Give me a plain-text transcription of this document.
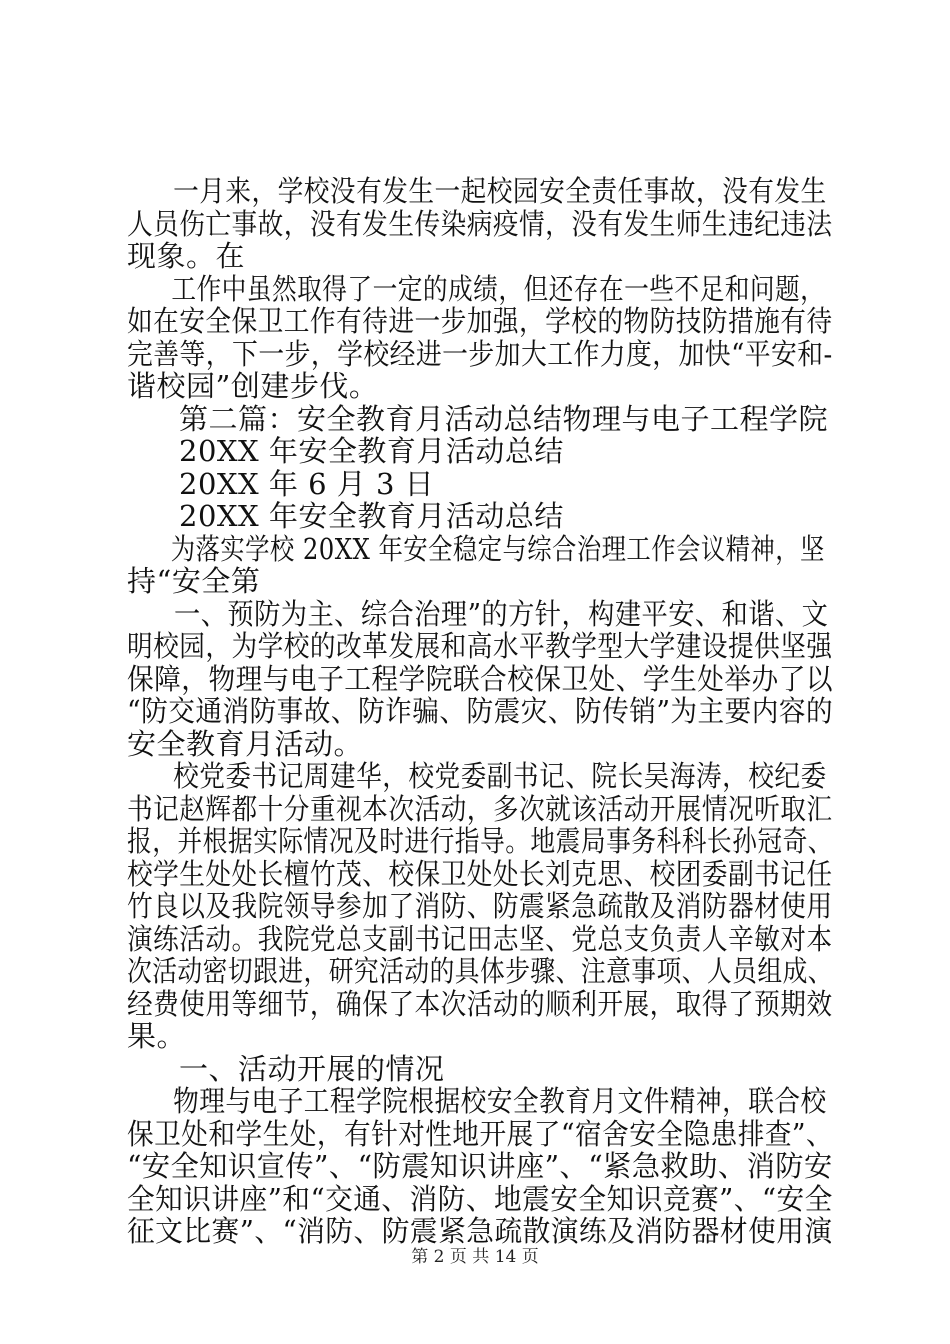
一月来，学校没有发生一起校园安全责任事故，没有发生
人员伤亡事故，没有发生传染病疫情，没有发生师生违纪违法
现象。在
工作中虽然取得了一定的成绩，但还存在一些不足和问题，
如在安全保卫工作有待进一步加强，学校的物防技防措施有待
完善等，下一步，学校经进一步加大工作力度，加快“平安和-
谐校园”创建步伐。
第二篇：安全教育月活动总结物理与电子工程学院
20XX 年安全教育月活动总结
20XX 年 6 月 3 日
20XX 年安全教育月活动总结
为落实学校 20XX 年安全稳定与综合治理工作会议精神，坚
持“安全第
一、预防为主、综合治理”的方针，构建平安、和谐、文
明校园，为学校的改革发展和高水平教学型大学建设提供坚强
保障，物理与电子工程学院联合校保卫处、学生处举办了以
“防交通消防事故、防诈骗、防震灾、防传销”为主要内容的
安全教育月活动。
校党委书记周建华，校党委副书记、院长吴海涛，校纪委
书记赵辉都十分重视本次活动，多次就该活动开展情况听取汇
报，并根据实际情况及时进行指导。地震局事务科科长孙冠奇、
校学生处处长檀竹茂、校保卫处处长刘克思、校团委副书记任
竹良以及我院领导参加了消防、防震紧急疏散及消防器材使用
演练活动。我院党总支副书记田志坚、党总支负责人辛敏对本
次活动密切跟进，研究活动的具体步骤、注意事项、人员组成、
经费使用等细节，确保了本次活动的顺利开展，取得了预期效
果。
一、活动开展的情况
物理与电子工程学院根据校安全教育月文件精神，联合校
保卫处和学生处，有针对性地开展了“宿舍安全隐患排查”、
“安全知识宣传”、“防震知识讲座”、“紧急救助、消防安
全知识讲座”和“交通、消防、地震安全知识竞赛”、“安全
征文比赛”、“消防、防震紧急疏散演练及消防器材使用演
第 2 页 共 14 页
